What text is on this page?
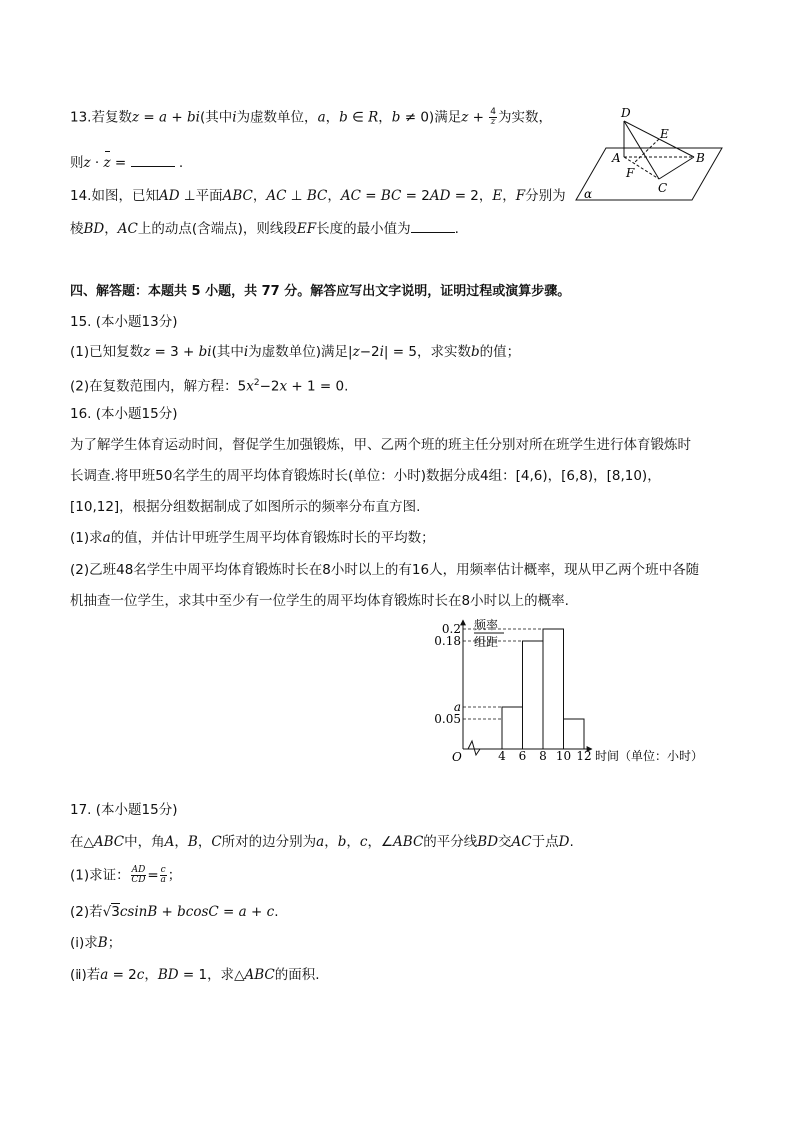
13.若复数z = a + bi(其中i为虚数单位，a，b ∈ R，b ≠ 0)满足$z + \frac{4}{z}$ 为实数，
则z · z =	.
14.如图，已知AD ⊥平面ABC，AC ⊥ BC，AC = BC = 2AD = 2，E，F分别为
棱BD，AC上的动点(含端点)，则线段EF长度的最小值为	.
D
E
A	B
F
C
α
四、解答题：本题共 5 小题，共 77 分。解答应写出文字说明，证明过程或演算步骤。
15. (本小题13分)
(1)已知复数z = 3 + bi(其中i为虚数单位)满足|z−2i| = 5，求实数b的值；
(2)在复数范围内，解方程：$5x^2-2x + 1 = 0$.
16. (本小题15分)
为了解学生体育运动时间，督促学生加强锻炼，甲、乙两个班的班主任分别对所在班学生进行体育锻炼时
长调查.将甲班50名学生的周平均体育锻炼时长(单位：小时)数据分成4组：[4,6)，[6,8)，[8,10)，
[10,12]，根据分组数据制成了如图所示的频率分布直方图.
(1)求a的值，并估计甲班学生周平均体育锻炼时长的平均数；
(2)乙班48名学生中周平均体育锻炼时长在8小时以上的有16人，用频率估计概率，现从甲乙两个班中各随
机抽查一位学生，求其中至少有一位学生的周平均体育锻炼时长在8小时以上的概率.
0.2
0.18
a
0.05
4 6 8 10 12
频率
组距
O	时间（单位：小时）
17. (本小题15分)
在△ABC中，角A，B，C所对的边分别为a，b，c，∠ABC的平分线BD交AC于点D.
(1)求证： $\frac{AD}{CD} = \frac{c}{a}$ ；
(2)若√3csinB + bcosC = a + c.
(ⅰ)求B；
(ⅱ)若a = 2c，BD = 1，求△ABC的面积.
